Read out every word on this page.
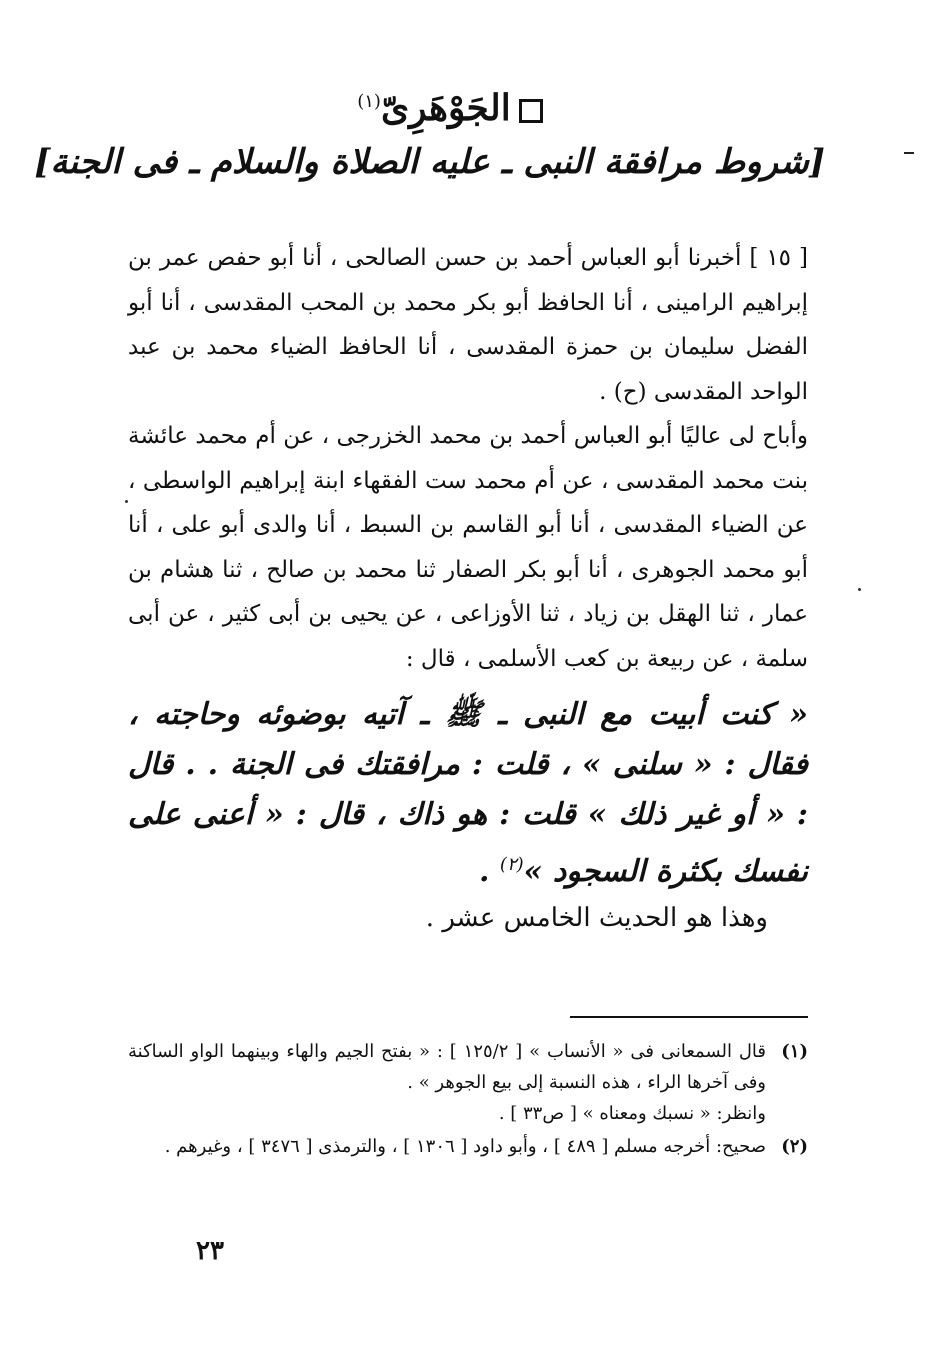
الجَوْهَرِىّ$^{(١)}$
[شروط مرافقة النبى ـ عليه الصلاة والسلام ـ فى الجنة]
[ ١٥ ] أخبرنا أبو العباس أحمد بن حسن الصالحى ، أنا أبو حفص عمر بن إبراهيم الرامينى ، أنا الحافظ أبو بكر محمد بن المحب المقدسى ، أنا أبو الفضل سليمان بن حمزة المقدسى ، أنا الحافظ الضياء محمد بن عبد الواحد المقدسى (ح) .
وأباح لى عاليًا أبو العباس أحمد بن محمد الخزرجى ، عن أم محمد عائشة بنت محمد المقدسى ، عن أم محمد ست الفقهاء ابنة إبراهيم الواسطى ، عن الضياء المقدسى ، أنا أبو القاسم بن السبط ، أنا والدى أبو على ، أنا أبو محمد الجوهرى ، أنا أبو بكر الصفار ثنا محمد بن صالح ، ثنا هشام بن عمار ، ثنا الهقل بن زياد ، ثنا الأوزاعى ، عن يحيى بن أبى كثير ، عن أبى سلمة ، عن ربيعة بن كعب الأسلمى ، قال :
« كنت أبيت مع النبى ـ ﷺ ـ آتيه بوضوئه وحاجته ، فقال : « سلنى » ، قلت : مرافقتك فى الجنة . . قال : « أو غير ذلك » قلت : هو ذاك ، قال : « أعنى على نفسك بكثرة السجود »$^{(٢)}$ .
وهذا هو الحديث الخامس عشر .
(١)
قال السمعانى فى « الأنساب » [ ١٢٥/٢ ] : « بفتح الجيم والهاء وبينهما الواو الساكنة وفى آخرها الراء ، هذه النسبة إلى بيع الجوهر » .
وانظر: « نسبك ومعناه » [ ص٣٣ ] .
(٢)
صحيح: أخرجه مسلم [ ٤٨٩ ] ، وأبو داود [ ١٣٠٦ ] ، والترمذى [ ٣٤٧٦ ] ، وغيرهم .
٢٣
